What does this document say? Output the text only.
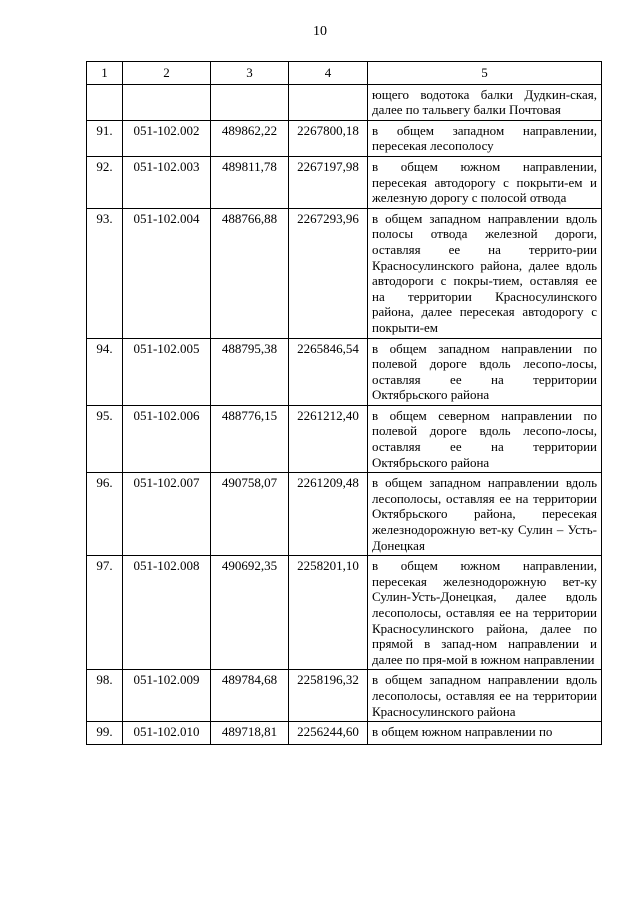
10
1	2	3	4	5
				ющего водотока балки Дудкин-ская, далее по тальвегу балки Почтовая
91.	051-102.002	489862,22	2267800,18	в общем западном направлении, пересекая лесополосу
92.	051-102.003	489811,78	2267197,98	в общем южном направлении, пересекая автодорогу с покрыти-ем и железную дорогу с полосой отвода
93.	051-102.004	488766,88	2267293,96	в общем западном направлении вдоль полосы отвода железной дороги, оставляя ее на террито-рии Красносулинского района, далее вдоль автодороги с покры-тием, оставляя ее на территории Красносулинского района, далее пересекая автодорогу с покрыти-ем
94.	051-102.005	488795,38	2265846,54	в общем западном направлении по полевой дороге вдоль лесопо-лосы, оставляя ее на территории Октябрьского района
95.	051-102.006	488776,15	2261212,40	в общем северном направлении по полевой дороге вдоль лесопо-лосы, оставляя ее на территории Октябрьского района
96.	051-102.007	490758,07	2261209,48	в общем западном направлении вдоль лесополосы, оставляя ее на территории Октябрьского района, пересекая железнодорожную вет-ку Сулин – Усть-Донецкая
97.	051-102.008	490692,35	2258201,10	в общем южном направлении, пересекая железнодорожную вет-ку Сулин-Усть-Донецкая, далее вдоль лесополосы, оставляя ее на территории Красносулинского района, далее по прямой в запад-ном направлении и далее по пря-мой в южном направлении
98.	051-102.009	489784,68	2258196,32	в общем западном направлении вдоль лесополосы, оставляя ее на территории Красносулинского района
99.	051-102.010	489718,81	2256244,60	в общем южном направлении по
